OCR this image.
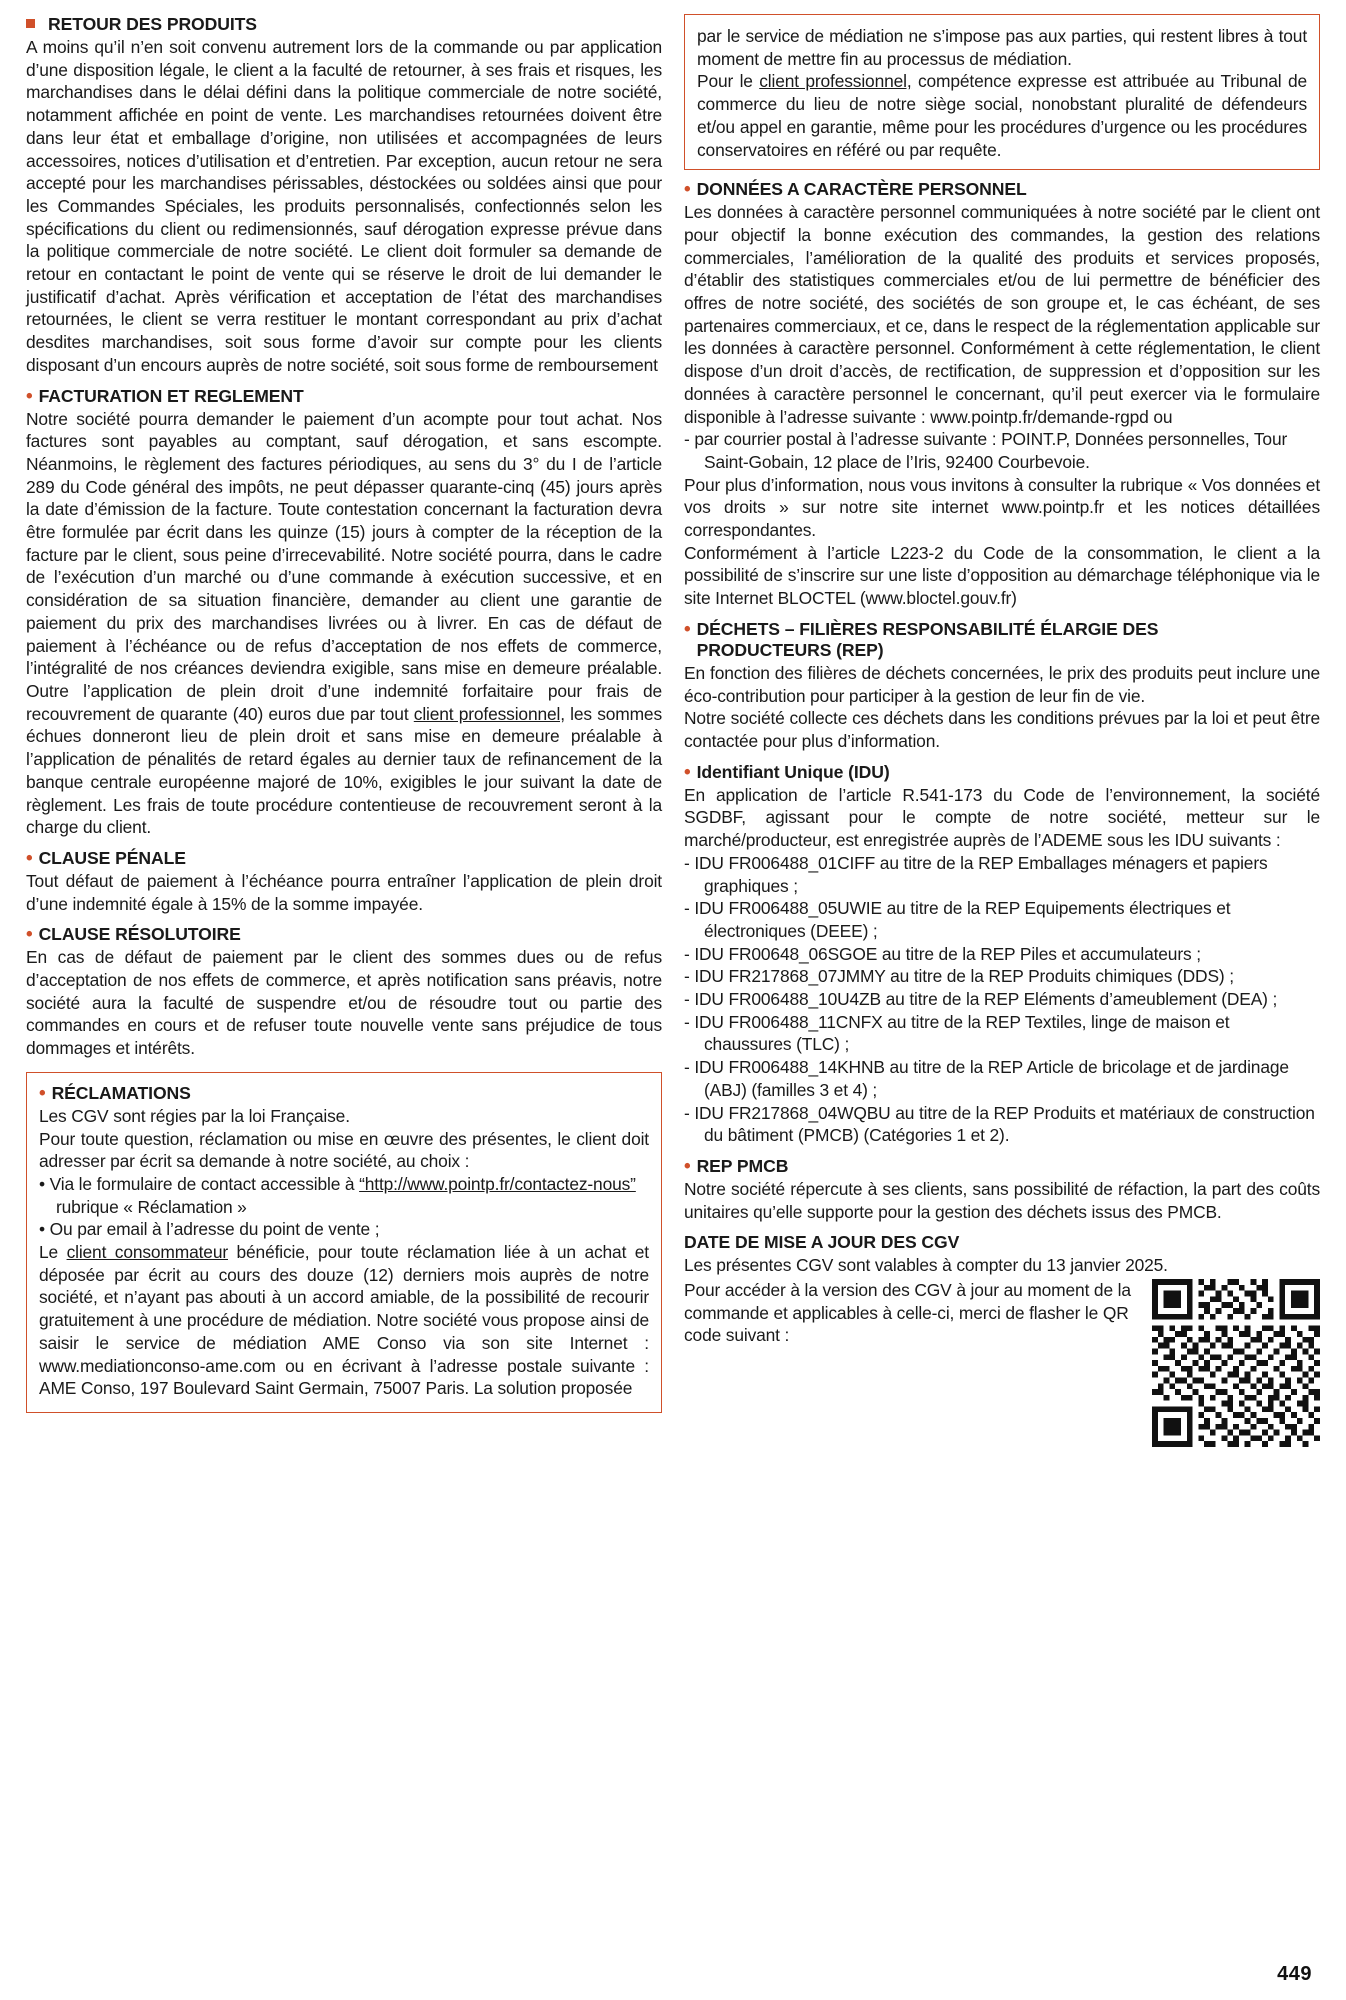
RETOUR DES PRODUITS

A moins qu’il n’en soit convenu autrement lors de la commande ou par application d’une disposition légale, le client a la faculté de retourner, à ses frais et risques, les marchandises dans le délai défini dans la politique commerciale de notre société, notamment affichée en point de vente. Les marchandises retournées doivent être dans leur état et emballage d’origine, non utilisées et accompagnées de leurs accessoires, notices d’utilisation et d’entretien. Par exception, aucun retour ne sera accepté pour les marchandises périssables, déstockées ou soldées ainsi que pour les Commandes Spéciales, les produits personnalisés, confectionnés selon les spécifications du client ou redimensionnés, sauf dérogation expresse prévue dans la politique commerciale de notre société. Le client doit formuler sa demande de retour en contactant le point de vente qui se réserve le droit de lui demander le justificatif d’achat. Après vérification et acceptation de l’état des marchandises retournées, le client se verra restituer le montant correspondant au prix d’achat desdites marchandises, soit sous forme d’avoir sur compte pour les clients disposant d’un encours auprès de notre société, soit sous forme de remboursement

• FACTURATION ET REGLEMENT

Notre société pourra demander le paiement d’un acompte pour tout achat. Nos factures sont payables au comptant, sauf dérogation, et sans escompte. Néanmoins, le règlement des factures périodiques, au sens du 3° du I de l’article 289 du Code général des impôts, ne peut dépasser quarante-cinq (45) jours après la date d’émission de la facture. Toute contestation concernant la facturation devra être formulée par écrit dans les quinze (15) jours à compter de la réception de la facture par le client, sous peine d’irrecevabilité. Notre société pourra, dans le cadre de l’exécution d’un marché ou d’une commande à exécution successive, et en considération de sa situation financière, demander au client une garantie de paiement du prix des marchandises livrées ou à livrer. En cas de défaut de paiement à l’échéance ou de refus d’acceptation de nos effets de commerce, l’intégralité de nos créances deviendra exigible, sans mise en demeure préalable. Outre l’application de plein droit d’une indemnité forfaitaire pour frais de recouvrement de quarante (40) euros due par tout client professionnel, les sommes échues donneront lieu de plein droit et sans mise en demeure préalable à l’application de pénalités de retard égales au dernier taux de refinancement de la banque centrale européenne majoré de 10%, exigibles le jour suivant la date de règlement. Les frais de toute procédure contentieuse de recouvrement seront à la charge du client.

• CLAUSE PÉNALE

Tout défaut de paiement à l’échéance pourra entraîner l’application de plein droit d’une indemnité égale à 15% de la somme impayée.

• CLAUSE RÉSOLUTOIRE

En cas de défaut de paiement par le client des sommes dues ou de refus d’acceptation de nos effets de commerce, et après notification sans préavis, notre société aura la faculté de suspendre et/ou de résoudre tout ou partie des commandes en cours et de refuser toute nouvelle vente sans préjudice de tous dommages et intérêts.

• RÉCLAMATIONS

Les CGV sont régies par la loi Française.

Pour toute question, réclamation ou mise en œuvre des présentes, le client doit adresser par écrit sa demande à notre société, au choix :

• Via le formulaire de contact accessible à “http://www.pointp.fr/contactez-nous” rubrique « Réclamation »
• Ou par email à l’adresse du point de vente ;

Le client consommateur bénéficie, pour toute réclamation liée à un achat et déposée par écrit au cours des douze (12) derniers mois auprès de notre société, et n’ayant pas abouti à un accord amiable, de la possibilité de recourir gratuitement à une procédure de médiation. Notre société vous propose ainsi de saisir le service de médiation AME Conso via son site Internet : www.mediationconso-ame.com ou en écrivant à l’adresse postale suivante : AME Conso, 197 Boulevard Saint Germain, 75007 Paris. La solution proposée

par le service de médiation ne s’impose pas aux parties, qui restent libres à tout moment de mettre fin au processus de médiation.

Pour le client professionnel, compétence expresse est attribuée au Tribunal de commerce du lieu de notre siège social, nonobstant pluralité de défendeurs et/ou appel en garantie, même pour les procédures d’urgence ou les procédures conservatoires en référé ou par requête.

• DONNÉES A CARACTÈRE PERSONNEL

Les données à caractère personnel communiquées à notre société par le client ont pour objectif la bonne exécution des commandes, la gestion des relations commerciales, l’amélioration de la qualité des produits et services proposés, d’établir des statistiques commerciales et/ou de lui permettre de bénéficier des offres de notre société, des sociétés de son groupe et, le cas échéant, de ses partenaires commerciaux, et ce, dans le respect de la réglementation applicable sur les données à caractère personnel. Conformément à cette réglementation, le client dispose d’un droit d’accès, de rectification, de suppression et d’opposition sur les données à caractère personnel le concernant, qu’il peut exercer via le formulaire disponible à l’adresse suivante : www.pointp.fr/demande-rgpd ou

- par courrier postal à l’adresse suivante : POINT.P, Données personnelles, Tour Saint-Gobain, 12 place de l’Iris, 92400 Courbevoie.

Pour plus d’information, nous vous invitons à consulter la rubrique « Vos données et vos droits » sur notre site internet www.pointp.fr et les notices détaillées correspondantes.

Conformément à l’article L223-2 du Code de la consommation, le client a la possibilité de s’inscrire sur une liste d’opposition au démarchage téléphonique via le site Internet BLOCTEL (www.bloctel.gouv.fr)

• DÉCHETS – FILIÈRES RESPONSABILITÉ ÉLARGIE DES
PRODUCTEURS (REP)

En fonction des filières de déchets concernées, le prix des produits peut inclure une éco-contribution pour participer à la gestion de leur fin de vie.

Notre société collecte ces déchets dans les conditions prévues par la loi et peut être contactée pour plus d’information.

• Identifiant Unique (IDU)

En application de l’article R.541-173 du Code de l’environnement, la société SGDBF, agissant pour le compte de notre société, metteur sur le marché/producteur, est enregistrée auprès de l’ADEME sous les IDU suivants :

- IDU FR006488_01CIFF au titre de la REP Emballages ménagers et papiers graphiques ;
- IDU FR006488_05UWIE au titre de la REP Equipements électriques et électroniques (DEEE) ;
- IDU FR00648_06SGOE au titre de la REP Piles et accumulateurs ;
- IDU FR217868_07JMMY au titre de la REP Produits chimiques (DDS) ;
- IDU FR006488_10U4ZB au titre de la REP Eléments d’ameublement (DEA) ;
- IDU FR006488_11CNFX au titre de la REP Textiles, linge de maison et chaussures (TLC) ;
- IDU FR006488_14KHNB au titre de la REP Article de bricolage et de jardinage (ABJ) (familles 3 et 4) ;
- IDU FR217868_04WQBU au titre de la REP Produits et matériaux de construction du bâtiment (PMCB) (Catégories 1 et 2).
• REP PMCB

Notre société répercute à ses clients, sans possibilité de réfaction, la part des coûts unitaires qu’elle supporte pour la gestion des déchets issus des PMCB.

DATE DE MISE A JOUR DES CGV

Les présentes CGV sont valables à compter du 13 janvier 2025.

Pour accéder à la version des CGV à jour au moment de la commande et applicables à celle-ci, merci de flasher le QR code suivant :

449
